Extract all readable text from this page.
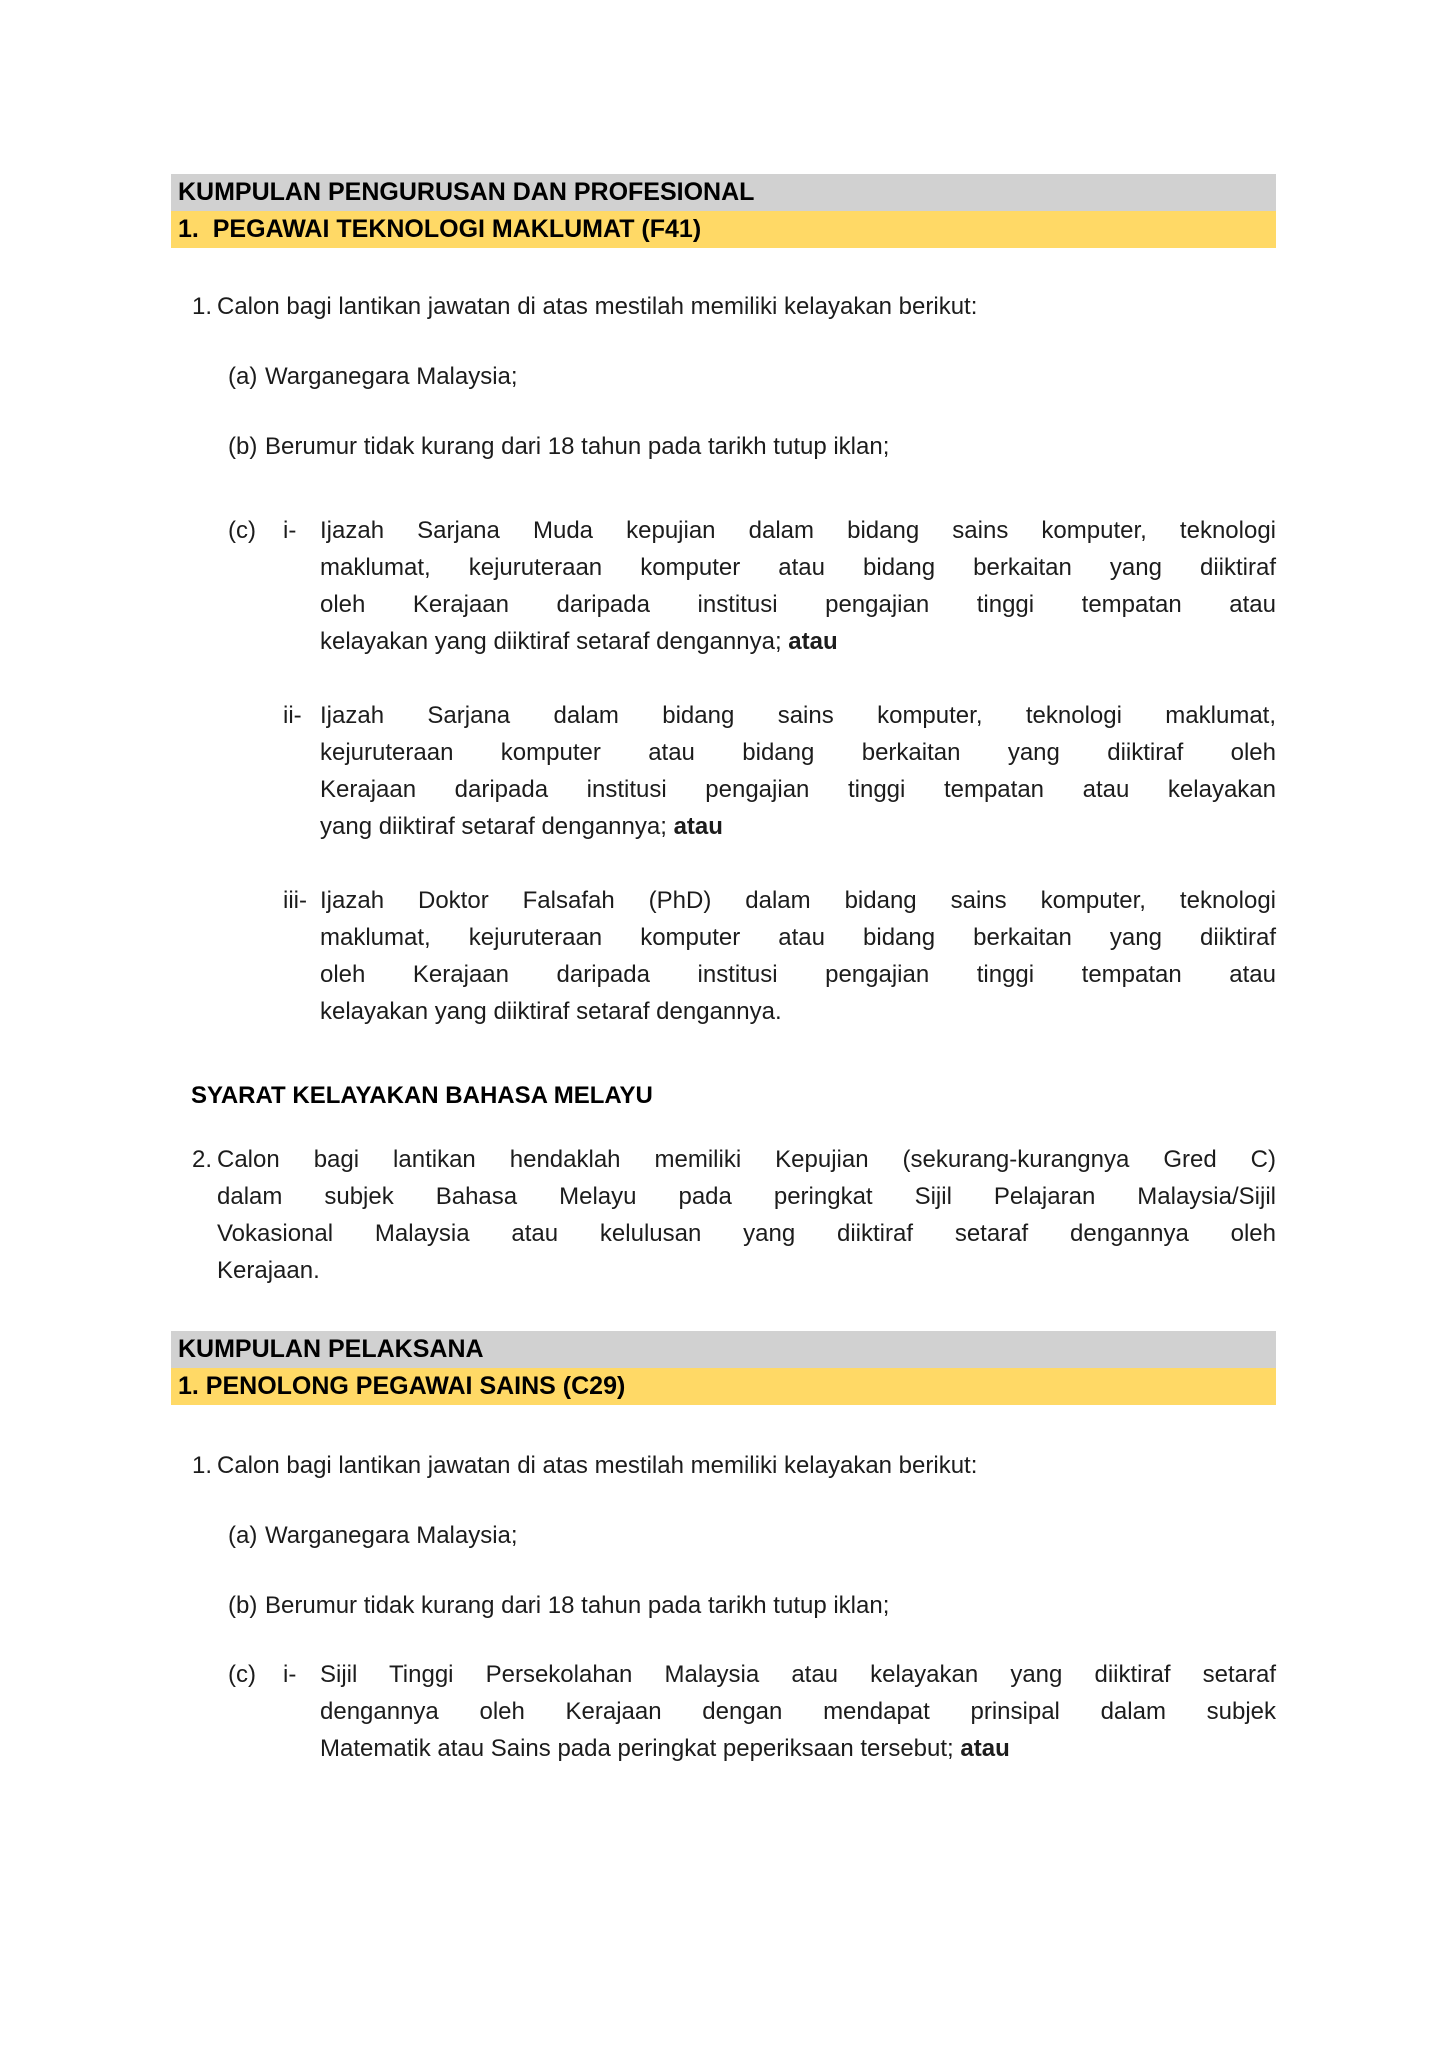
KUMPULAN PENGURUSAN DAN PROFESIONAL
1.  PEGAWAI TEKNOLOGI MAKLUMAT (F41)
1. Calon bagi lantikan jawatan di atas mestilah memiliki kelayakan berikut:
(a) Warganegara Malaysia;
(b) Berumur tidak kurang dari 18 tahun pada tarikh tutup iklan;
(c)	i- Ijazah Sarjana Muda kepujian dalam bidang sains komputer, teknologi
maklumat, kejuruteraan komputer atau bidang berkaitan yang diiktiraf
oleh Kerajaan daripada institusi pengajian tinggi tempatan atau
kelayakan yang diiktiraf setaraf dengannya; atau
ii- Ijazah Sarjana dalam bidang sains komputer, teknologi maklumat,
kejuruteraan komputer atau bidang berkaitan yang diiktiraf oleh
Kerajaan daripada institusi pengajian tinggi tempatan atau kelayakan
yang diiktiraf setaraf dengannya; atau
iii- Ijazah Doktor Falsafah (PhD) dalam bidang sains komputer, teknologi
maklumat, kejuruteraan komputer atau bidang berkaitan yang diiktiraf
oleh Kerajaan daripada institusi pengajian tinggi tempatan atau
kelayakan yang diiktiraf setaraf dengannya.
SYARAT KELAYAKAN BAHASA MELAYU
2. Calon bagi lantikan hendaklah memiliki Kepujian (sekurang-kurangnya Gred C)
dalam subjek Bahasa Melayu pada peringkat Sijil Pelajaran Malaysia/Sijil
Vokasional Malaysia atau kelulusan yang diiktiraf setaraf dengannya oleh
Kerajaan.
KUMPULAN PELAKSANA
1. PENOLONG PEGAWAI SAINS (C29)
1. Calon bagi lantikan jawatan di atas mestilah memiliki kelayakan berikut:
(a) Warganegara Malaysia;
(b) Berumur tidak kurang dari 18 tahun pada tarikh tutup iklan;
(c)	i- Sijil Tinggi Persekolahan Malaysia atau kelayakan yang diiktiraf setaraf
dengannya oleh Kerajaan dengan mendapat prinsipal dalam subjek
Matematik atau Sains pada peringkat peperiksaan tersebut; atau
